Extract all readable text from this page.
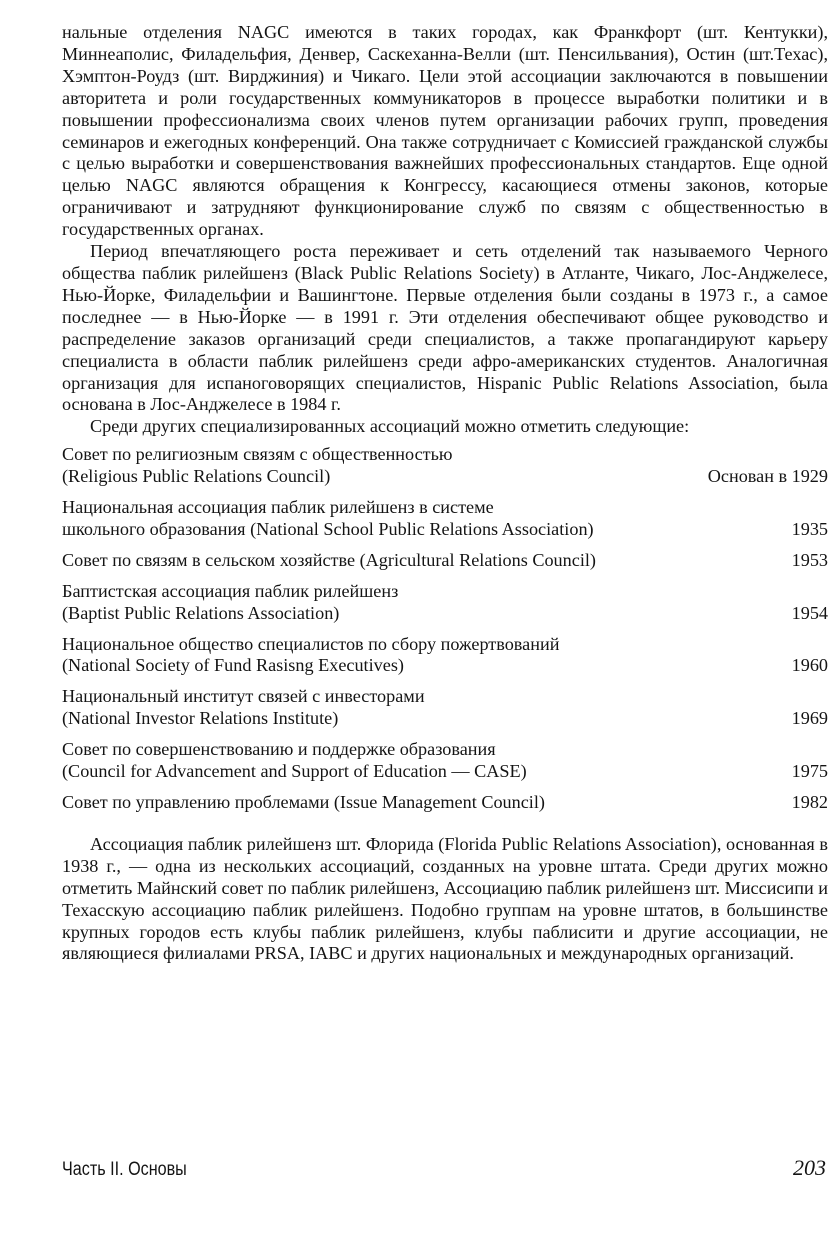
нальные отделения NAGC имеются в таких городах, как Франкфорт (шт. Кентукки), Миннеаполис, Филадельфия, Денвер, Саскеханна-Велли (шт. Пенсильвания), Остин (шт.Техас), Хэмптон-Роудз (шт. Вирджиния) и Чикаго. Цели этой ассоциации заключаются в повышении авторитета и роли государственных коммуникаторов в процессе выработки политики и в повышении профессионализма своих членов путем организации рабочих групп, проведения семинаров и ежегодных конференций. Она также сотрудничает с Комиссией гражданской службы с целью выработки и совершенствования важнейших профессиональных стандартов. Еще одной целью NAGC являются обращения к Конгрессу, касающиеся отмены законов, которые ограничивают и затрудняют функционирование служб по связям с общественностью в государственных органах.

Период впечатляющего роста переживает и сеть отделений так называемого Черного общества паблик рилейшенз (Black Public Relations Society) в Атланте, Чикаго, Лос-Анджелесе, Нью-Йорке, Филадельфии и Вашингтоне. Первые отделения были созданы в 1973 г., а самое последнее — в Нью-Йорке — в 1991 г. Эти отделения обеспечивают общее руководство и распределение заказов организаций среди специалистов, а также пропагандируют карьеру специалиста в области паблик рилейшенз среди афро-американских студентов. Аналогичная организация для испаноговорящих специалистов, Hispanic Public Relations Association, была основана в Лос-Анджелесе в 1984 г.

Среди других специализированных ассоциаций можно отметить следующие:

Совет по религиозным связям с общественностью
(Religious Public Relations Council)	Основан в 1929
Национальная ассоциация паблик рилейшенз в системе
школьного образования (National School Public Relations Association)	1935
Совет по связям в сельском хозяйстве (Agricultural Relations Council)	1953
Баптистская ассоциация паблик рилейшенз
(Baptist Public Relations Association)	1954
Национальное общество специалистов по сбору пожертвований
(National Society of Fund Rasisng Executives)	1960
Национальный институт связей с инвесторами
(National Investor Relations Institute)	1969
Совет по совершенствованию и поддержке образования
(Council for Advancement and Support of Education — CASE)	1975
Совет по управлению проблемами (Issue Management Council)	1982

Ассоциация паблик рилейшенз шт. Флорида (Florida Public Relations Association), основанная в 1938 г., — одна из нескольких ассоциаций, созданных на уровне штата. Среди других можно отметить Майнский совет по паблик рилейшенз, Ассоциацию паблик рилейшенз шт. Миссисипи и Техасскую ассоциацию паблик рилейшенз. Подобно группам на уровне штатов, в большинстве крупных городов есть клубы паблик рилейшенз, клубы паблисити и другие ассоциации, не являющиеся филиалами PRSA, IABC и других национальных и международных организаций.

Часть II. Основы	203
